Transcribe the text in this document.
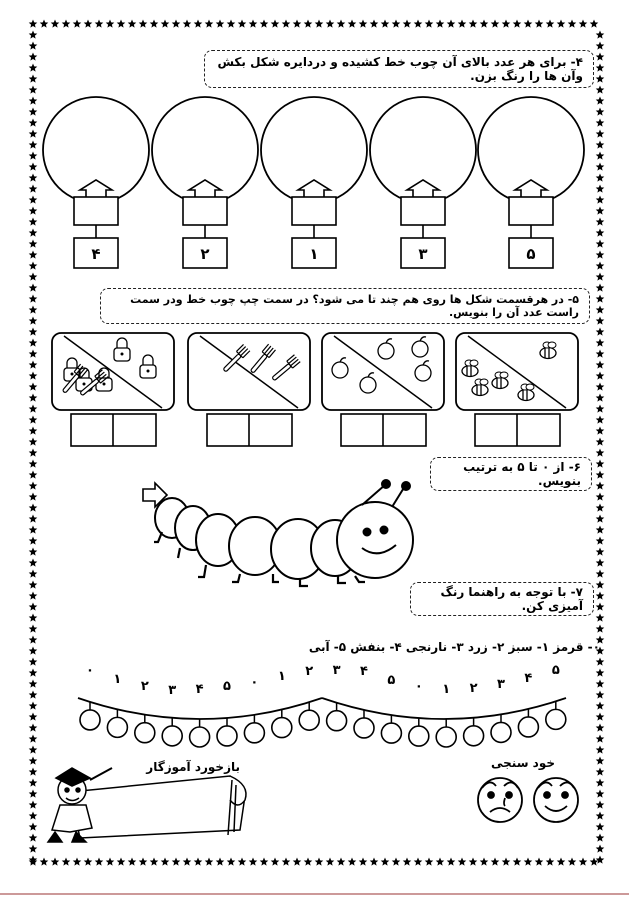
۴	۲	۱	۳	۵
۰
۱ ۲ ۳ ۴ ۵ ۰ ۱ ۲ ۳ ۴
۵ ۰ ۱ ۲ ۳ ۴
۵
۴- برای هر عدد بالای آن چوب خط کشیده و دردایره شکل بکش وآن ها را رنگ بزن.
۵- در هرقسمت شکل ها روی هم چند تا می شود؟ در سمت چپ چوب خط ودر سمت راست عدد آن را بنویس.
۶- از ۰ تا ۵ به ترتیب بنویس.
۷- با توجه به راهنما رنگ آمیزی کن.
۰- قرمز ۱- سبز ۲- زرد ۳- نارنجی ۴- بنفش ۵- آبی
بازخورد آموزگار	خود سنجی
